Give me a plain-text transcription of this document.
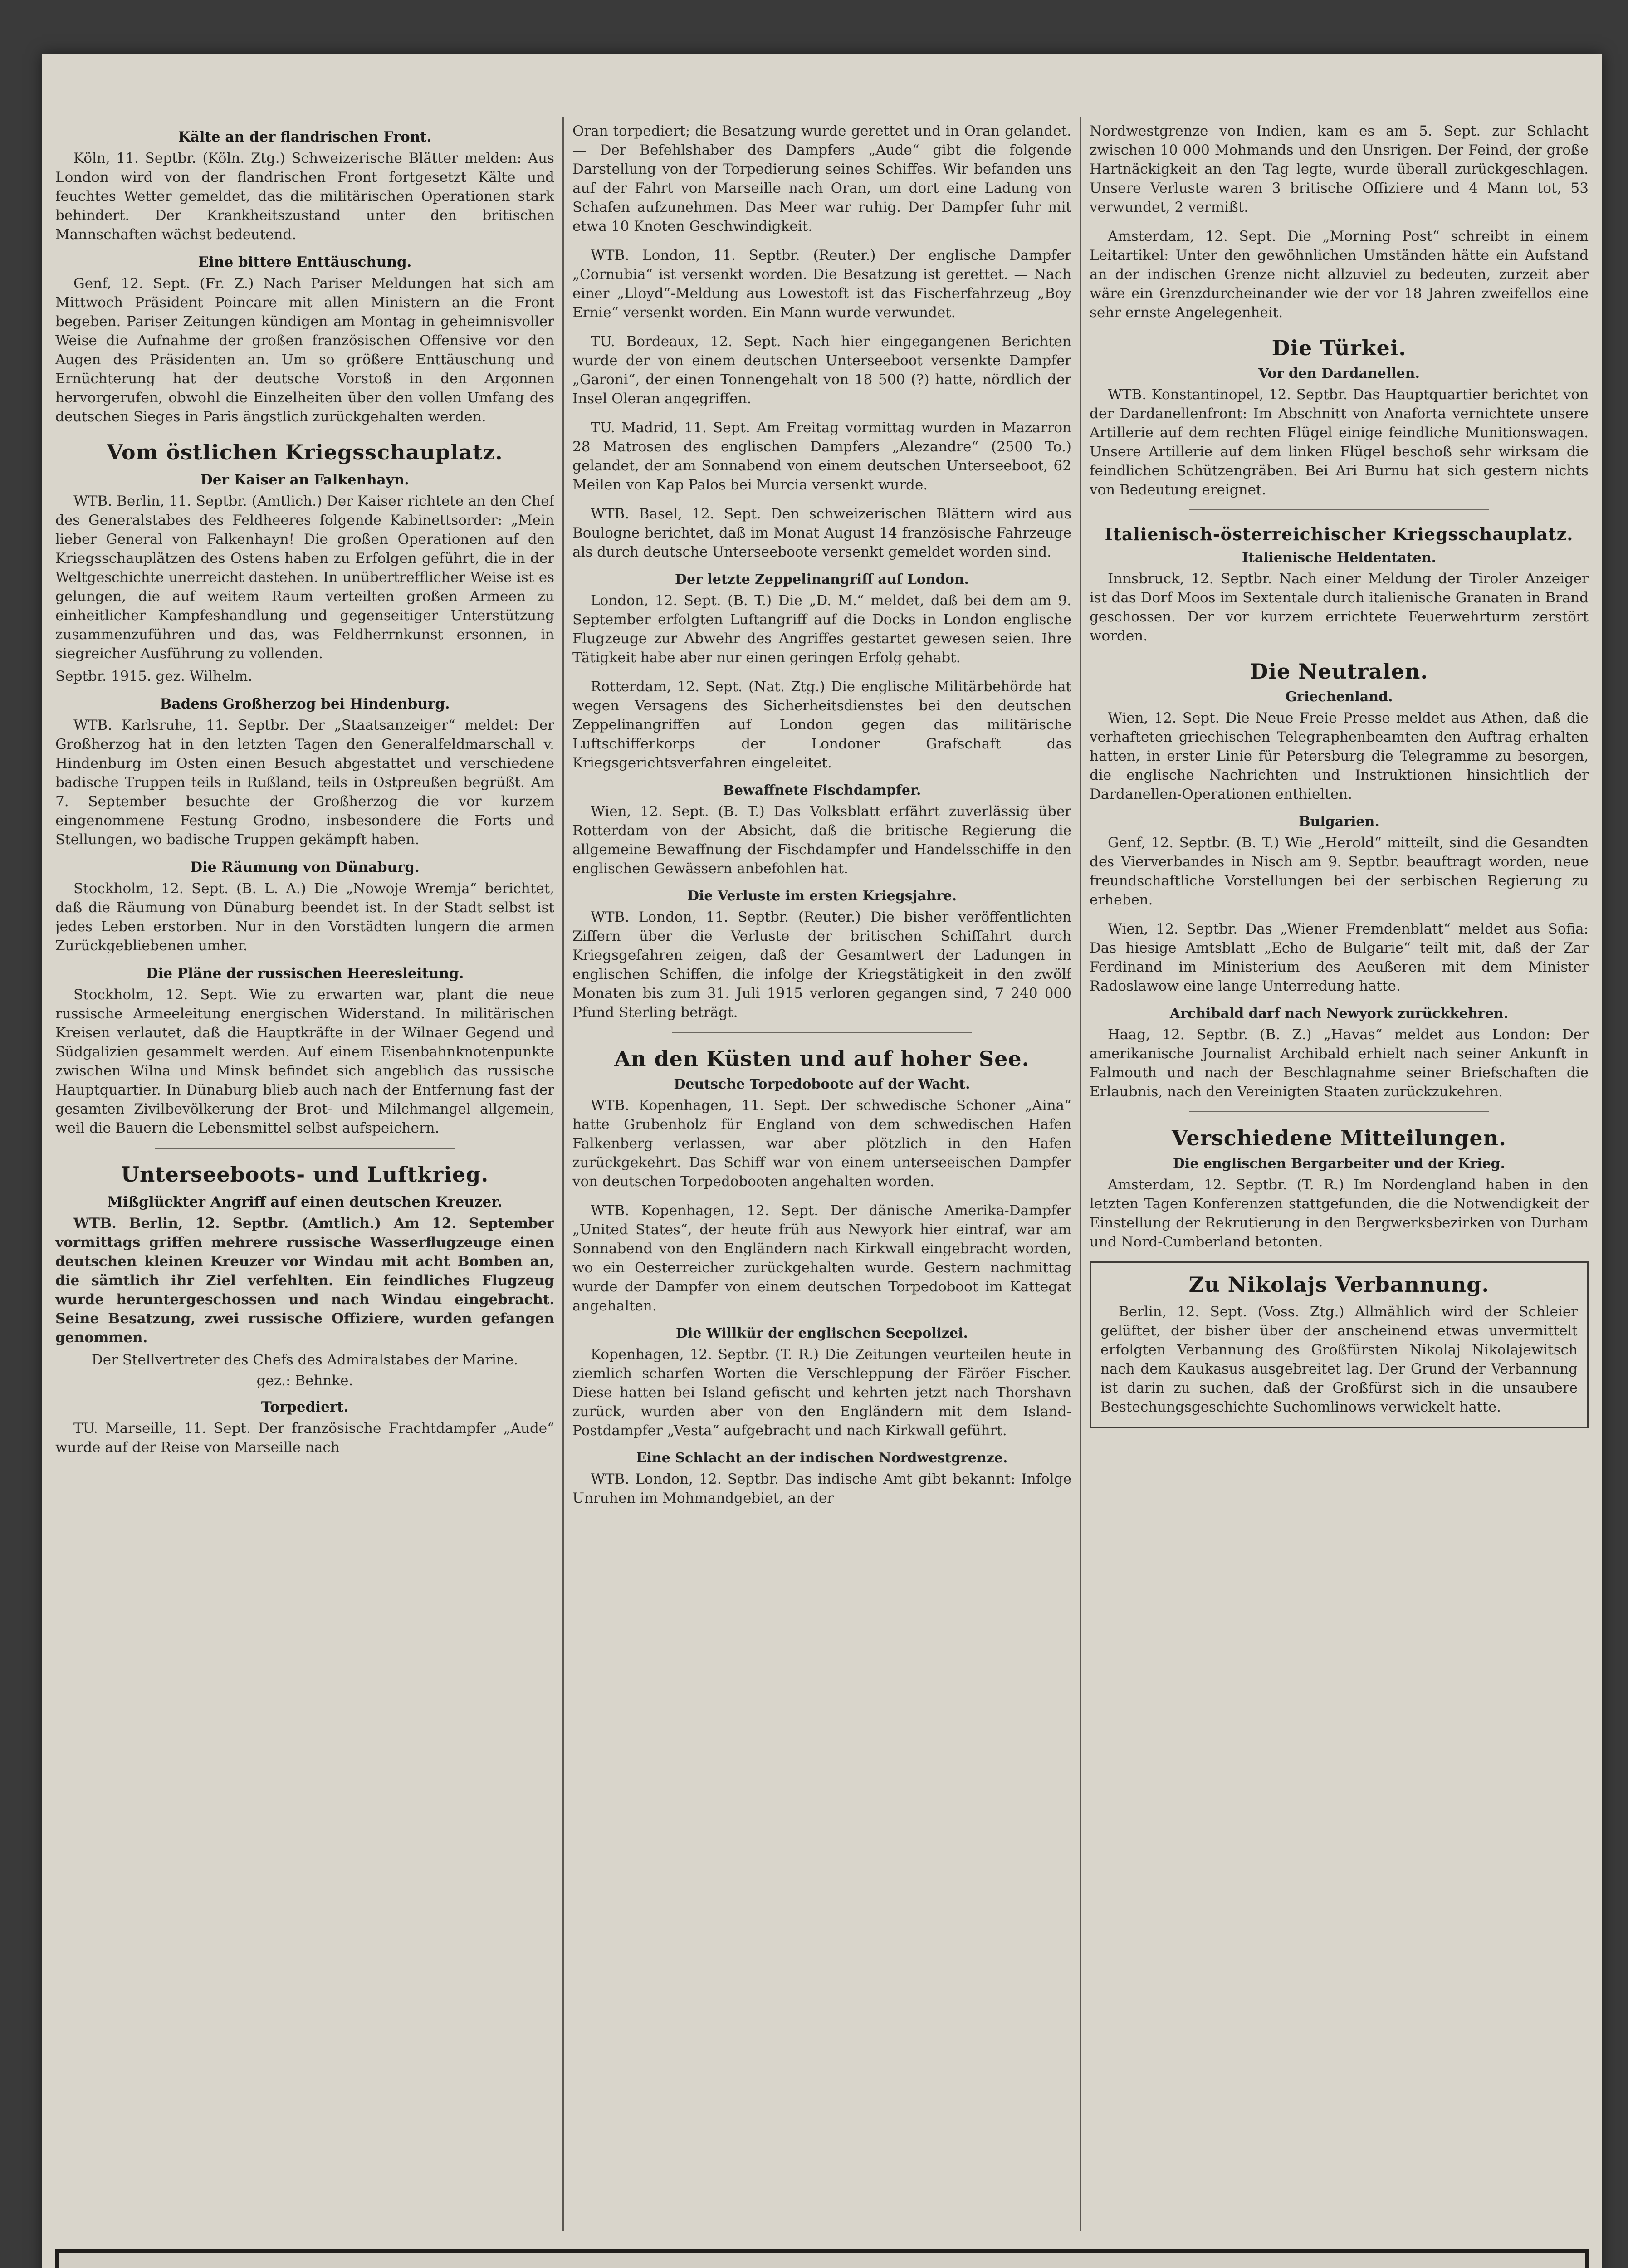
Kälte an der flandrischen Front.

Köln, 11. Septbr. (Köln. Ztg.) Schweizerische Blätter melden: Aus London wird von der flandrischen Front fortgesetzt Kälte und feuchtes Wetter gemeldet, das die militärischen Operationen stark behindert. Der Krankheitszustand unter den britischen Mannschaften wächst bedeutend.

Eine bittere Enttäuschung.

Genf, 12. Sept. (Fr. Z.) Nach Pariser Meldungen hat sich am Mittwoch Präsident Poincare mit allen Ministern an die Front begeben. Pariser Zeitungen kündigen am Montag in geheimnisvoller Weise die Aufnahme der großen französischen Offensive vor den Augen des Präsidenten an. Um so größere Enttäuschung und Ernüchterung hat der deutsche Vorstoß in den Argonnen hervorgerufen, obwohl die Einzelheiten über den vollen Umfang des deutschen Sieges in Paris ängstlich zurückgehalten werden.

Vom östlichen Kriegsschauplatz.
Der Kaiser an Falkenhayn.

WTB. Berlin, 11. Septbr. (Amtlich.) Der Kaiser richtete an den Chef des Generalstabes des Feldheeres folgende Kabinettsorder: „Mein lieber General von Falkenhayn! Die großen Operationen auf den Kriegsschauplätzen des Ostens haben zu Erfolgen geführt, die in der Weltgeschichte unerreicht dastehen. In unübertrefflicher Weise ist es gelungen, die auf weitem Raum verteilten großen Armeen zu einheitlicher Kampfeshandlung und gegenseitiger Unterstützung zusammenzuführen und das, was Feldherrnkunst ersonnen, in siegreicher Ausführung zu vollenden.

Septbr. 1915. gez. Wilhelm.

Badens Großherzog bei Hindenburg.

WTB. Karlsruhe, 11. Septbr. Der „Staatsanzeiger“ meldet: Der Großherzog hat in den letzten Tagen den Generalfeldmarschall v. Hindenburg im Osten einen Besuch abgestattet und verschiedene badische Truppen teils in Rußland, teils in Ostpreußen begrüßt. Am 7. September besuchte der Großherzog die vor kurzem eingenommene Festung Grodno, insbesondere die Forts und Stellungen, wo badische Truppen gekämpft haben.

Die Räumung von Dünaburg.

Stockholm, 12. Sept. (B. L. A.) Die „Nowoje Wremja“ berichtet, daß die Räumung von Dünaburg beendet ist. In der Stadt selbst ist jedes Leben erstorben. Nur in den Vorstädten lungern die armen Zurückgebliebenen umher.

Die Pläne der russischen Heeresleitung.

Stockholm, 12. Sept. Wie zu erwarten war, plant die neue russische Armeeleitung energischen Widerstand. In militärischen Kreisen verlautet, daß die Hauptkräfte in der Wilnaer Gegend und Südgalizien gesammelt werden. Auf einem Eisenbahnknotenpunkte zwischen Wilna und Minsk befindet sich angeblich das russische Hauptquartier. In Dünaburg blieb auch nach der Entfernung fast der gesamten Zivilbevölkerung der Brot- und Milchmangel allgemein, weil die Bauern die Lebensmittel selbst aufspeichern.

Unterseeboots- und Luftkrieg.
Mißglückter Angriff auf einen deutschen Kreuzer.

WTB. Berlin, 12. Septbr. (Amtlich.) Am 12. September vormittags griffen mehrere russische Wasserflugzeuge einen deutschen kleinen Kreuzer vor Windau mit acht Bomben an, die sämtlich ihr Ziel verfehlten. Ein feindliches Flugzeug wurde heruntergeschossen und nach Windau eingebracht. Seine Besatzung, zwei russische Offiziere, wurden gefangen genommen.

Der Stellvertreter des Chefs des Admiralstabes der Marine.
gez.: Behnke.
Torpediert.

TU. Marseille, 11. Sept. Der französische Frachtdampfer „Aude“ wurde auf der Reise von Marseille nach

Oran torpediert; die Besatzung wurde gerettet und in Oran gelandet. — Der Befehlshaber des Dampfers „Aude“ gibt die folgende Darstellung von der Torpedierung seines Schiffes. Wir befanden uns auf der Fahrt von Marseille nach Oran, um dort eine Ladung von Schafen aufzunehmen. Das Meer war ruhig. Der Dampfer fuhr mit etwa 10 Knoten Geschwindigkeit.

WTB. London, 11. Septbr. (Reuter.) Der englische Dampfer „Cornubia“ ist versenkt worden. Die Besatzung ist gerettet. — Nach einer „Lloyd“-Meldung aus Lowestoft ist das Fischerfahrzeug „Boy Ernie“ versenkt worden. Ein Mann wurde verwundet.

TU. Bordeaux, 12. Sept. Nach hier eingegangenen Berichten wurde der von einem deutschen Unterseeboot versenkte Dampfer „Garoni“, der einen Tonnengehalt von 18 500 (?) hatte, nördlich der Insel Oleran angegriffen.

TU. Madrid, 11. Sept. Am Freitag vormittag wurden in Mazarron 28 Matrosen des englischen Dampfers „Alezandre“ (2500 To.) gelandet, der am Sonnabend von einem deutschen Unterseeboot, 62 Meilen von Kap Palos bei Murcia versenkt wurde.

WTB. Basel, 12. Sept. Den schweizerischen Blättern wird aus Boulogne berichtet, daß im Monat August 14 französische Fahrzeuge als durch deutsche Unterseeboote versenkt gemeldet worden sind.

Der letzte Zeppelinangriff auf London.

London, 12. Sept. (B. T.) Die „D. M.“ meldet, daß bei dem am 9. September erfolgten Luftangriff auf die Docks in London englische Flugzeuge zur Abwehr des Angriffes gestartet gewesen seien. Ihre Tätigkeit habe aber nur einen geringen Erfolg gehabt.

Rotterdam, 12. Sept. (Nat. Ztg.) Die englische Militärbehörde hat wegen Versagens des Sicherheitsdienstes bei den deutschen Zeppelinangriffen auf London gegen das militärische Luftschifferkorps der Londoner Grafschaft das Kriegsgerichtsverfahren eingeleitet.

Bewaffnete Fischdampfer.

Wien, 12. Sept. (B. T.) Das Volksblatt erfährt zuverlässig über Rotterdam von der Absicht, daß die britische Regierung die allgemeine Bewaffnung der Fischdampfer und Handelsschiffe in den englischen Gewässern anbefohlen hat.

Die Verluste im ersten Kriegsjahre.

WTB. London, 11. Septbr. (Reuter.) Die bisher veröffentlichten Ziffern über die Verluste der britischen Schiffahrt durch Kriegsgefahren zeigen, daß der Gesamtwert der Ladungen in englischen Schiffen, die infolge der Kriegstätigkeit in den zwölf Monaten bis zum 31. Juli 1915 verloren gegangen sind, 7 240 000 Pfund Sterling beträgt.

An den Küsten und auf hoher See.
Deutsche Torpedoboote auf der Wacht.

WTB. Kopenhagen, 11. Sept. Der schwedische Schoner „Aina“ hatte Grubenholz für England von dem schwedischen Hafen Falkenberg verlassen, war aber plötzlich in den Hafen zurückgekehrt. Das Schiff war von einem unterseeischen Dampfer von deutschen Torpedobooten angehalten worden.

WTB. Kopenhagen, 12. Sept. Der dänische Amerika-Dampfer „United States“, der heute früh aus Newyork hier eintraf, war am Sonnabend von den Engländern nach Kirkwall eingebracht worden, wo ein Oesterreicher zurückgehalten wurde. Gestern nachmittag wurde der Dampfer von einem deutschen Torpedoboot im Kattegat angehalten.

Die Willkür der englischen Seepolizei.

Kopenhagen, 12. Septbr. (T. R.) Die Zeitungen veurteilen heute in ziemlich scharfen Worten die Verschleppung der Färöer Fischer. Diese hatten bei Island gefischt und kehrten jetzt nach Thorshavn zurück, wurden aber von den Engländern mit dem Island-Postdampfer „Vesta“ aufgebracht und nach Kirkwall geführt.

Eine Schlacht an der indischen Nordwestgrenze.

WTB. London, 12. Septbr. Das indische Amt gibt bekannt: Infolge Unruhen im Mohmandgebiet, an der

Nordwestgrenze von Indien, kam es am 5. Sept. zur Schlacht zwischen 10 000 Mohmands und den Unsrigen. Der Feind, der große Hartnäckigkeit an den Tag legte, wurde überall zurückgeschlagen. Unsere Verluste waren 3 britische Offiziere und 4 Mann tot, 53 verwundet, 2 vermißt.

Amsterdam, 12. Sept. Die „Morning Post“ schreibt in einem Leitartikel: Unter den gewöhnlichen Umständen hätte ein Aufstand an der indischen Grenze nicht allzuviel zu bedeuten, zurzeit aber wäre ein Grenzdurcheinander wie der vor 18 Jahren zweifellos eine sehr ernste Angelegenheit.

Die Türkei.
Vor den Dardanellen.

WTB. Konstantinopel, 12. Septbr. Das Hauptquartier berichtet von der Dardanellenfront: Im Abschnitt von Anaforta vernichtete unsere Artillerie auf dem rechten Flügel einige feindliche Munitionswagen. Unsere Artillerie auf dem linken Flügel beschoß sehr wirksam die feindlichen Schützengräben. Bei Ari Burnu hat sich gestern nichts von Bedeutung ereignet.

Italienisch-österreichischer Kriegsschauplatz.
Italienische Heldentaten.

Innsbruck, 12. Septbr. Nach einer Meldung der Tiroler Anzeiger ist das Dorf Moos im Sextentale durch italienische Granaten in Brand geschossen. Der vor kurzem errichtete Feuerwehrturm zerstört worden.

Die Neutralen.
Griechenland.

Wien, 12. Sept. Die Neue Freie Presse meldet aus Athen, daß die verhafteten griechischen Telegraphenbeamten den Auftrag erhalten hatten, in erster Linie für Petersburg die Telegramme zu besorgen, die englische Nachrichten und Instruktionen hinsichtlich der Dardanellen-Operationen enthielten.

Bulgarien.

Genf, 12. Septbr. (B. T.) Wie „Herold“ mitteilt, sind die Gesandten des Vierverbandes in Nisch am 9. Septbr. beauftragt worden, neue freundschaftliche Vorstellungen bei der serbischen Regierung zu erheben.

Wien, 12. Septbr. Das „Wiener Fremdenblatt“ meldet aus Sofia: Das hiesige Amtsblatt „Echo de Bulgarie“ teilt mit, daß der Zar Ferdinand im Ministerium des Aeußeren mit dem Minister Radoslawow eine lange Unterredung hatte.

Archibald darf nach Newyork zurückkehren.

Haag, 12. Septbr. (B. Z.) „Havas“ meldet aus London: Der amerikanische Journalist Archibald erhielt nach seiner Ankunft in Falmouth und nach der Beschlagnahme seiner Briefschaften die Erlaubnis, nach den Vereinigten Staaten zurückzukehren.

Verschiedene Mitteilungen.
Die englischen Bergarbeiter und der Krieg.

Amsterdam, 12. Septbr. (T. R.) Im Nordengland haben in den letzten Tagen Konferenzen stattgefunden, die die Notwendigkeit der Einstellung der Rekrutierung in den Bergwerksbezirken von Durham und Nord-Cumberland betonten.

Zu Nikolajs Verbannung.

Berlin, 12. Sept. (Voss. Ztg.) Allmählich wird der Schleier gelüftet, der bisher über der anscheinend etwas unvermittelt erfolgten Verbannung des Großfürsten Nikolaj Nikolajewitsch nach dem Kaukasus ausgebreitet lag. Der Grund der Verbannung ist darin zu suchen, daß der Großfürst sich in die unsaubere Bestechungsgeschichte Suchomlinows verwickelt hatte.
